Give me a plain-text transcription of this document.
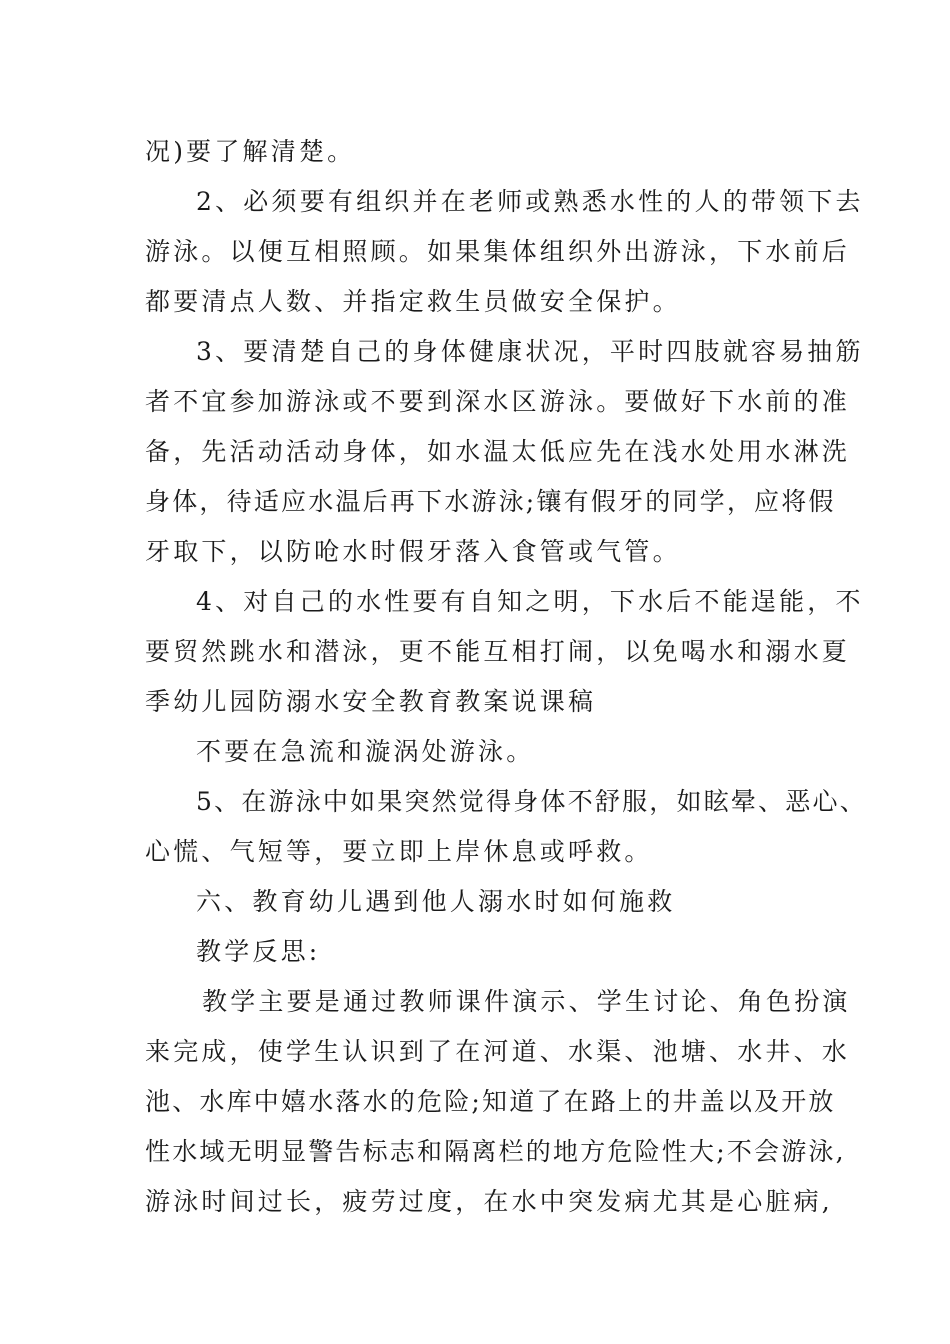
况)要了解清楚。
2、必须要有组织并在老师或熟悉水性的人的带领下去
游泳。以便互相照顾。如果集体组织外出游泳，下水前后
都要清点人数、并指定救生员做安全保护。
3、要清楚自己的身体健康状况，平时四肢就容易抽筋
者不宜参加游泳或不要到深水区游泳。要做好下水前的准
备，先活动活动身体，如水温太低应先在浅水处用水淋洗
身体，待适应水温后再下水游泳;镶有假牙的同学，应将假
牙取下，以防呛水时假牙落入食管或气管。
4、对自己的水性要有自知之明，下水后不能逞能，不
要贸然跳水和潜泳，更不能互相打闹，以免喝水和溺水夏
季幼儿园防溺水安全教育教案说课稿
不要在急流和漩涡处游泳。
5、在游泳中如果突然觉得身体不舒服，如眩晕、恶心、
心慌、气短等，要立即上岸休息或呼救。
六、教育幼儿遇到他人溺水时如何施救
教学反思:
教学主要是通过教师课件演示、学生讨论、角色扮演
来完成，使学生认识到了在河道、水渠、池塘、水井、水
池、水库中嬉水落水的危险;知道了在路上的井盖以及开放
性水域无明显警告标志和隔离栏的地方危险性大;不会游泳,
游泳时间过长，疲劳过度，在水中突发病尤其是心脏病,
